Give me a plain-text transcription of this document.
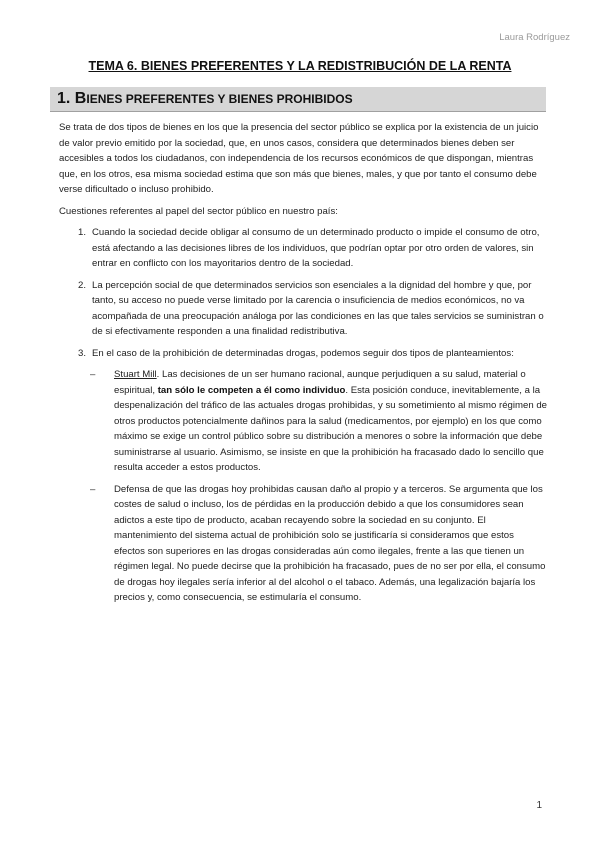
Laura Rodríguez
TEMA 6. BIENES PREFERENTES Y LA REDISTRIBUCIÓN DE LA RENTA
1. BIENES PREFERENTES Y BIENES PROHIBIDOS

Se trata de dos tipos de bienes en los que la presencia del sector público se explica por la existencia de un juicio de valor previo emitido por la sociedad, que, en unos casos, considera que determinados bienes deben ser accesibles a todos los ciudadanos, con independencia de los recursos económicos de que dispongan, mientras que, en los otros, esa misma sociedad estima que son más que bienes, males, y que por tanto el consumo debe verse dificultado o incluso prohibido.

Cuestiones referentes al papel del sector público en nuestro país:

1. Cuando la sociedad decide obligar al consumo de un determinado producto o impide el consumo de otro, está afectando a las decisiones libres de los individuos, que podrían optar por otro orden de valores, sin entrar en conflicto con los mayoritarios dentro de la sociedad.
2. La percepción social de que determinados servicios son esenciales a la dignidad del hombre y que, por tanto, su acceso no puede verse limitado por la carencia o insuficiencia de medios económicos, no va acompañada de una preocupación análoga por las condiciones en las que tales servicios se suministran o de si efectivamente responden a una finalidad redistributiva.
3. En el caso de la prohibición de determinadas drogas, podemos seguir dos tipos de planteamientos:
– Stuart Mill. Las decisiones de un ser humano racional, aunque perjudiquen a su salud, material o espiritual, tan sólo le competen a él como individuo. Esta posición conduce, inevitablemente, a la despenalización del tráfico de las actuales drogas prohibidas, y su sometimiento al mismo régimen de otros productos potencialmente dañinos para la salud (medicamentos, por ejemplo) en los que como máximo se exige un control público sobre su distribución a menores o sobre la información que debe suministrarse al usuario. Asimismo, se insiste en que la prohibición ha fracasado dado lo sencillo que resulta acceder a estos productos.
– Defensa de que las drogas hoy prohibidas causan daño al propio y a terceros. Se argumenta que los costes de salud o incluso, los de pérdidas en la producción debido a que los consumidores sean adictos a este tipo de producto, acaban recayendo sobre la sociedad en su conjunto. El mantenimiento del sistema actual de prohibición solo se justificaría si consideramos que estos efectos son superiores en las drogas consideradas aún como ilegales, frente a las que tienen un régimen legal. No puede decirse que la prohibición ha fracasado, pues de no ser por ella, el consumo de drogas hoy ilegales sería inferior al del alcohol o el tabaco. Además, una legalización bajaría los precios y, como consecuencia, se estimularía el consumo.
1
